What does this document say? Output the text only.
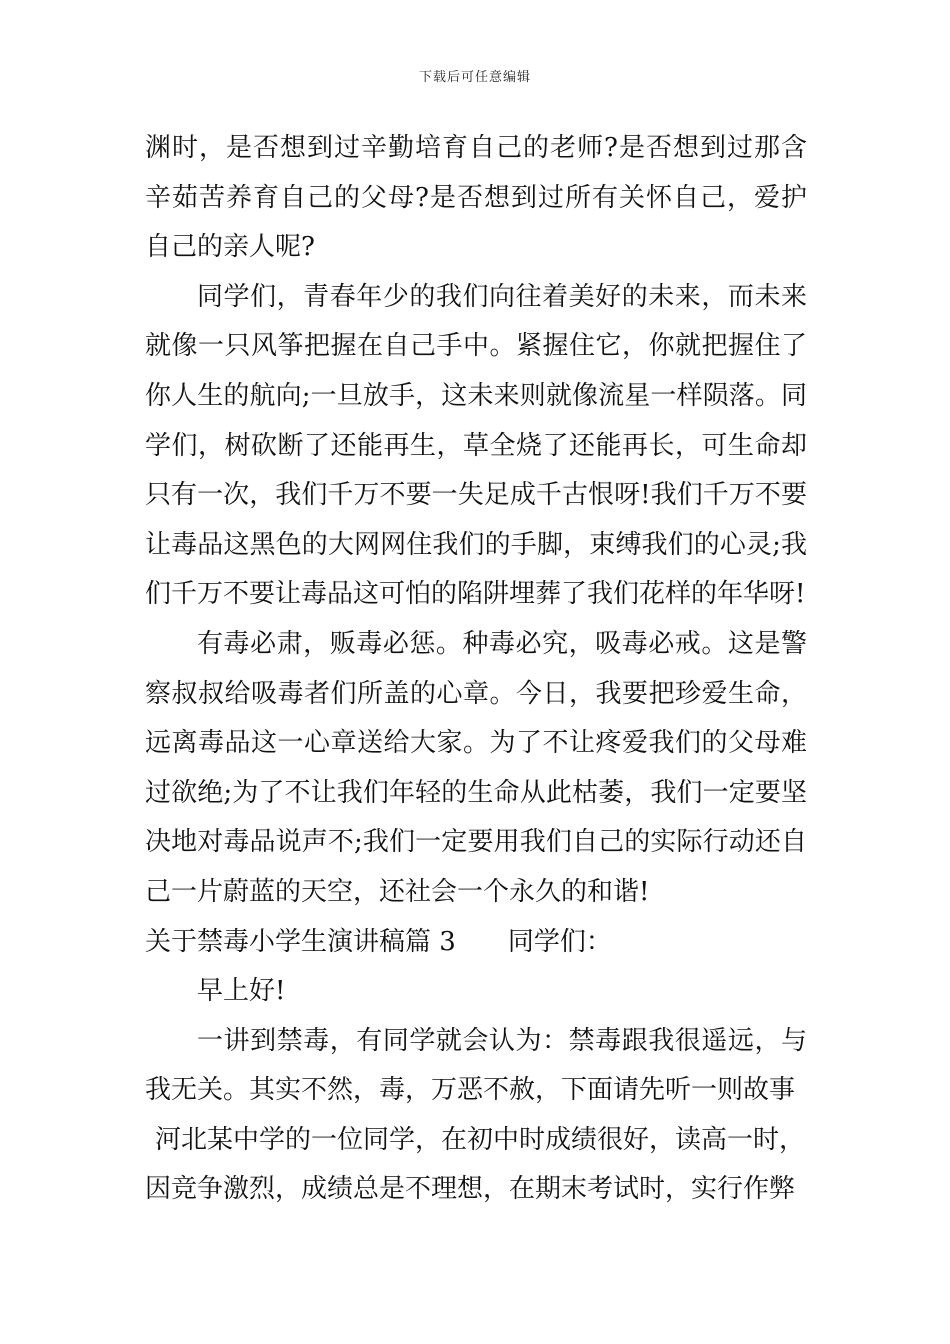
下载后可任意编辑

渊时，是否想到过辛勤培育自己的老师?是否想到过那含辛茹苦养育自己的父母?是否想到过所有关怀自己，爱护自己的亲人呢?

同学们，青春年少的我们向往着美好的未来，而未来就像一只风筝把握在自己手中。紧握住它，你就把握住了你人生的航向;一旦放手，这未来则就像流星一样陨落。同学们，树砍断了还能再生，草全烧了还能再长，可生命却只有一次，我们千万不要一失足成千古恨呀!我们千万不要让毒品这黑色的大网网住我们的手脚，束缚我们的心灵;我们千万不要让毒品这可怕的陷阱埋葬了我们花样的年华呀!

有毒必肃，贩毒必惩。种毒必究，吸毒必戒。这是警察叔叔给吸毒者们所盖的心章。今日，我要把珍爱生命，远离毒品这一心章送给大家。为了不让疼爱我们的父母难过欲绝;为了不让我们年轻的生命从此枯萎，我们一定要坚决地对毒品说声不;我们一定要用我们自己的实际行动还自己一片蔚蓝的天空，还社会一个永久的和谐!

关于禁毒小学生演讲稿篇 3 同学们：

早上好!

一讲到禁毒，有同学就会认为：禁毒跟我很遥远，与我无关。其实不然，毒，万恶不赦，下面请先听一则故事

河北某中学的一位同学，在初中时成绩很好，读高一时，

因竞争激烈，成绩总是不理想，在期末考试时，实行作弊
